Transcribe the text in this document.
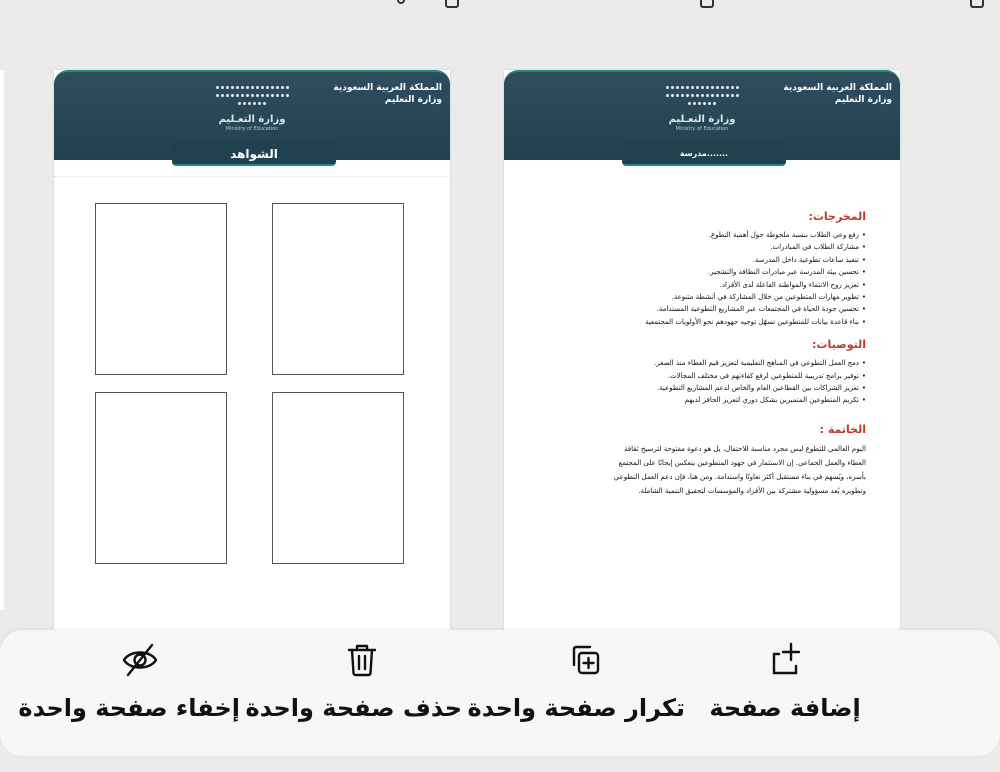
المملكة العربية السعودية
وزارة التعليم
وزارة التعـليم
Ministry of Education
مدرسة.......
المخرجات:
• رفع وعي الطلاب بنسبة ملحوظة حول أهمية التطوع.
• مشاركة الطلاب في المبادرات.
• تنفيذ ساعات تطوعية داخل المدرسة.
• تحسين بيئة المدرسة عبر مبادرات النظافة والتشجير.
• تعزيز روح الانتماء والمواطنة الفاعلة لدى الأفراد.
• تطوير مهارات المتطوعين من خلال المشاركة في أنشطة متنوعة.
• تحسين جودة الحياة في المجتمعات عبر المشاريع التطوعية المستدامة.
• بناء قاعدة بيانات للمتطوعين تسهّل توجيه جهودهم نحو الأولويات المجتمعية
التوصيات:
• دمج العمل التطوعي في المناهج التعليمية لتعزيز قيم العطاء منذ الصغر.
• توفير برامج تدريبية للمتطوعين لرفع كفاءتهم في مختلف المجالات.
• تعزيز الشراكات بين القطاعين العام والخاص لدعم المشاريع التطوعية.
• تكريم المتطوعين المتميزين بشكل دوري لتعزيز الحافز لديهم
الخاتمة :
اليوم العالمي للتطوع ليس مجرد مناسبة للاحتفال، بل هو دعوة مفتوحة لترسيخ ثقافة
العطاء والعمل الجماعي. إن الاستثمار في جهود المتطوعين ينعكس إيجابًا على المجتمع
بأسره، ويُسهم في بناء مستقبل أكثر تعاونًا واستدامة. ومن هنا، فإن دعم العمل التطوعي
وتطويره يُعد مسؤولية مشتركة بين الأفراد والمؤسسات لتحقيق التنمية الشاملة.
المملكة العربية السعودية
وزارة التعليم
وزارة التعـليم
Ministry of Education
الشواهد
إضافة صفحة
تكرار صفحة واحدة
حذف صفحة واحدة
إخفاء صفحة واحدة
